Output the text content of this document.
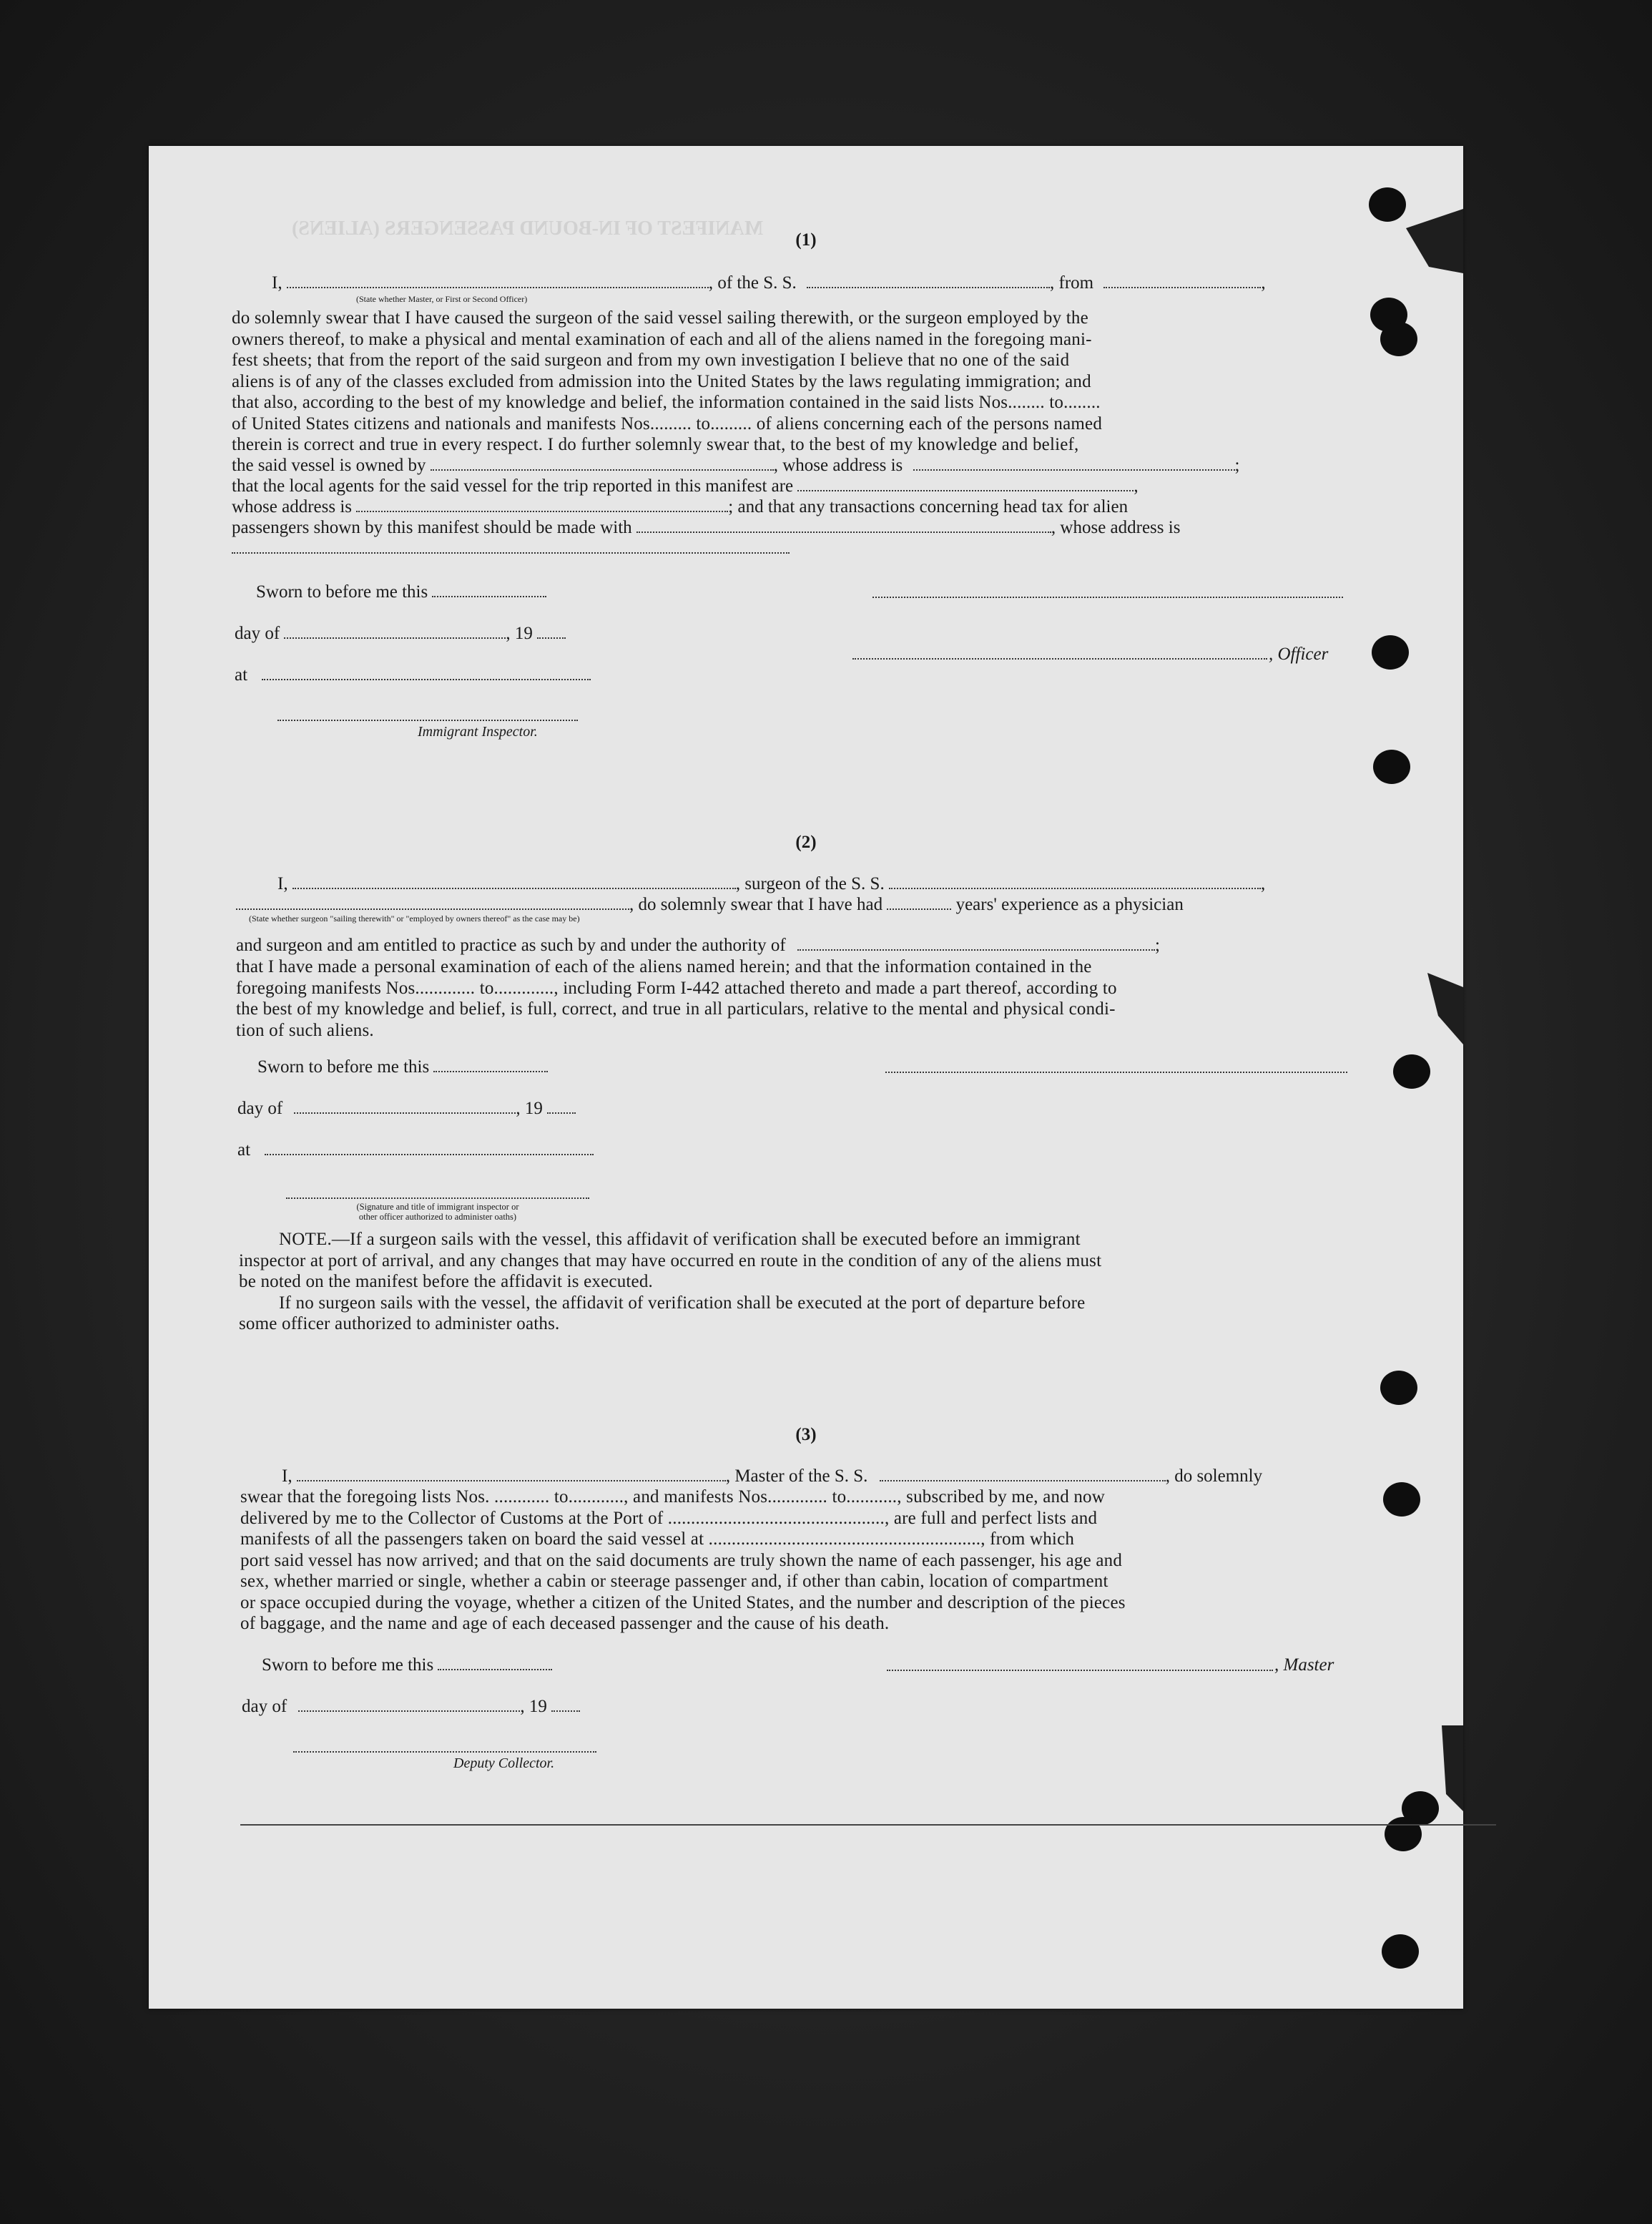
MANIFEST OF IN-BOUND PASSENGERS (ALIENS)
(1)
I,	, of the S. S.	, from	,
(State whether Master, or First or Second Officer)
do solemnly swear that I have caused the surgeon of the said vessel sailing therewith, or the surgeon employed by the
owners thereof, to make a physical and mental examination of each and all of the aliens named in the foregoing mani-
fest sheets; that from the report of the said surgeon and from my own investigation I believe that no one of the said
aliens is of any of the classes excluded from admission into the United States by the laws regulating immigration; and
that also, according to the best of my knowledge and belief, the information contained in the said lists Nos........ to........
of United States citizens and nationals and manifests Nos......... to......... of aliens concerning each of the persons named
therein is correct and true in every respect. I do further solemnly swear that, to the best of my knowledge and belief,
the said vessel is owned by	, whose address is	;
that the local agents for the said vessel for the trip reported in this manifest are	,
whose address is	; and that any transactions concerning head tax for alien
passengers shown by this manifest should be made with	, whose address is
Sworn to before me this
day of	, 19
, Officer
at
Immigrant Inspector.
(2)
I,	, surgeon of the S. S.	,
, do solemnly swear that I have had	years' experience as a physician
(State whether surgeon "sailing therewith" or "employed by owners thereof" as the case may be)
and surgeon and am entitled to practice as such by and under the authority of	;
that I have made a personal examination of each of the aliens named herein; and that the information contained in the
foregoing manifests Nos............. to............., including Form I-442 attached thereto and made a part thereof, according to
the best of my knowledge and belief, is full, correct, and true in all particulars, relative to the mental and physical condi-
tion of such aliens.
Sworn to before me this
day of	, 19
at
(Signature and title of immigrant inspector or
other officer authorized to administer oaths)
NOTE.—If a surgeon sails with the vessel, this affidavit of verification shall be executed before an immigrant
inspector at port of arrival, and any changes that may have occurred en route in the condition of any of the aliens must
be noted on the manifest before the affidavit is executed.
If no surgeon sails with the vessel, the affidavit of verification shall be executed at the port of departure before
some officer authorized to administer oaths.
(3)
I,	, Master of the S. S.	, do solemnly
swear that the foregoing lists Nos. ............ to............, and manifests Nos............. to..........., subscribed by me, and now
delivered by me to the Collector of Customs at the Port of ..............................................., are full and perfect lists and
manifests of all the passengers taken on board the said vessel at ..........................................................., from which
port said vessel has now arrived; and that on the said documents are truly shown the name of each passenger, his age and
sex, whether married or single, whether a cabin or steerage passenger and, if other than cabin, location of compartment
or space occupied during the voyage, whether a citizen of the United States, and the number and description of the pieces
of baggage, and the name and age of each deceased passenger and the cause of his death.
Sworn to before me this	, Master
day of	, 19
Deputy Collector.
